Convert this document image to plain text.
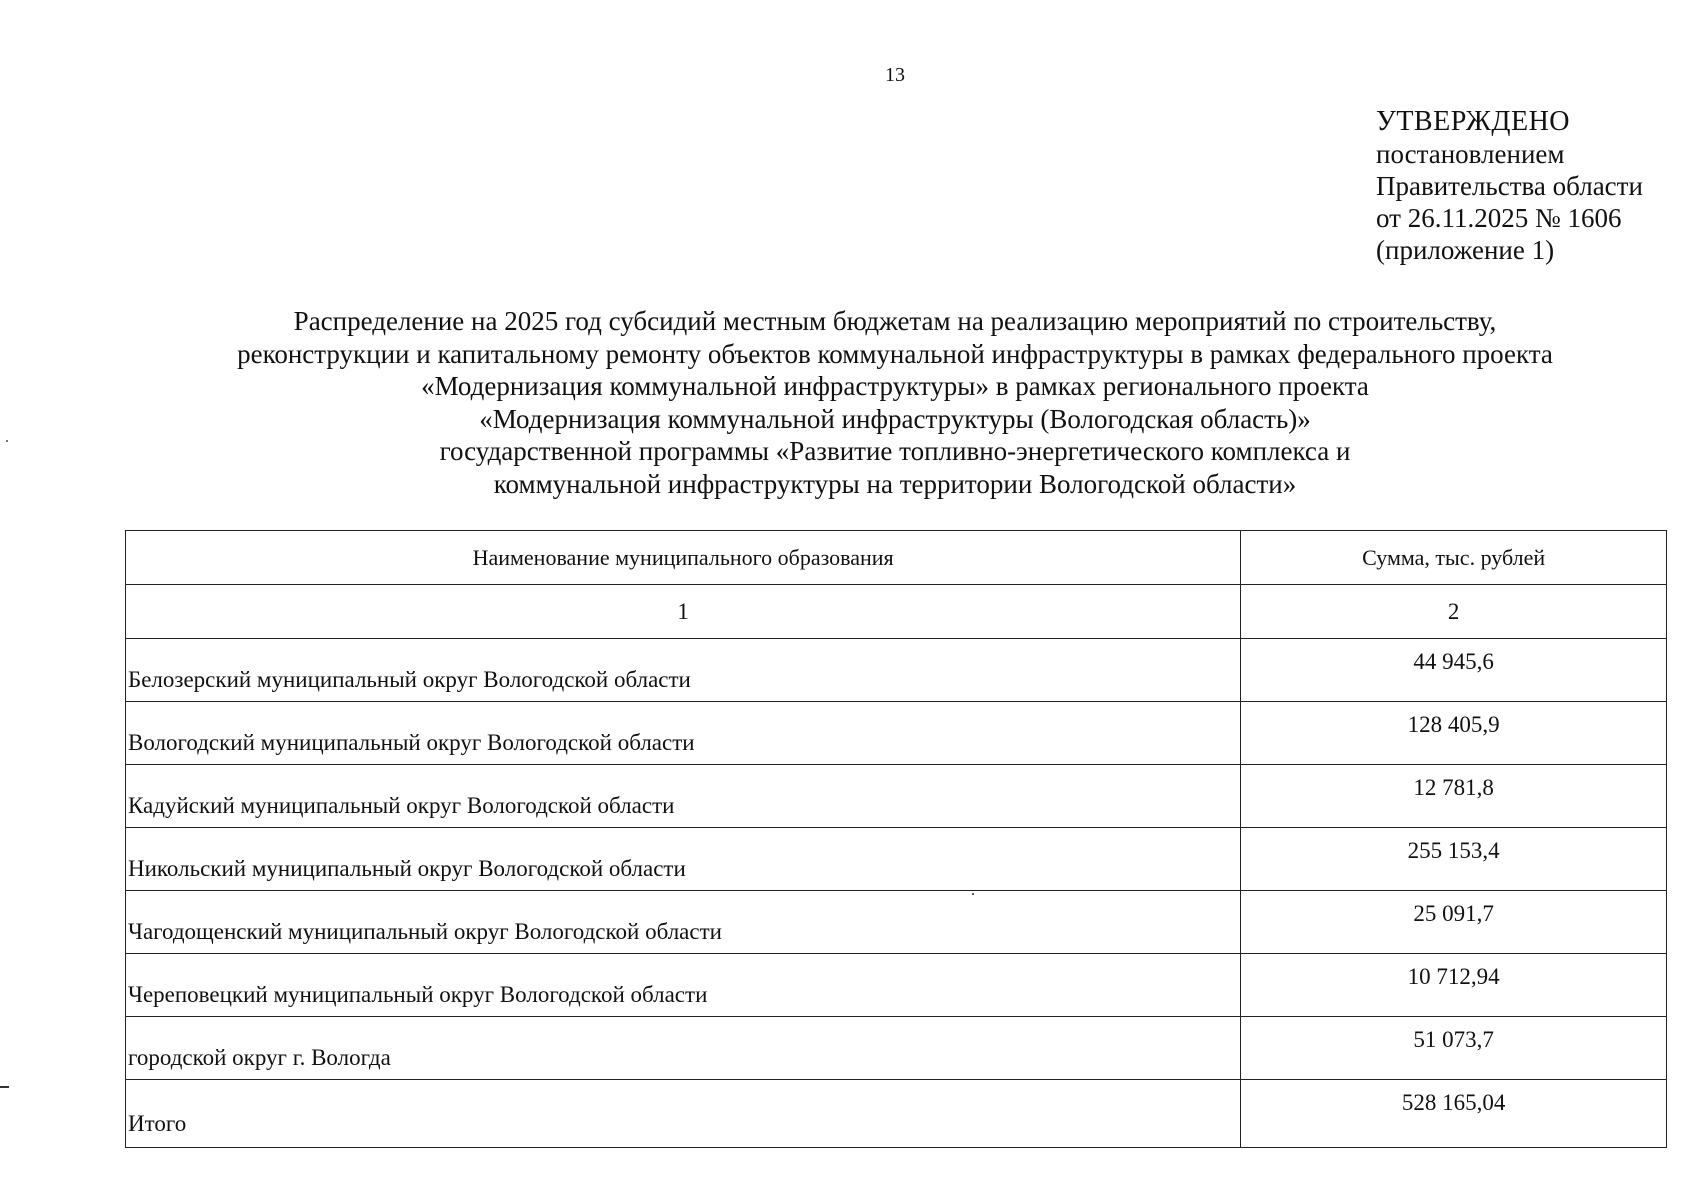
13
УТВЕРЖДЕНО
постановлением
Правительства области
от 26.11.2025 № 1606
(приложение 1)
Распределение на 2025 год субсидий местным бюджетам на реализацию мероприятий по строительству,
реконструкции и капитальному ремонту объектов коммунальной инфраструктуры в рамках федерального проекта
«Модернизация коммунальной инфраструктуры» в рамках регионального проекта
«Модернизация коммунальной инфраструктуры (Вологодская область)»
государственной программы «Развитие топливно-энергетического комплекса и
коммунальной инфраструктуры на территории Вологодской области»
Наименование муниципального образования	Сумма, тыс. рублей
1	2
Белозерский муниципальный округ Вологодской области	44 945,6
Вологодский муниципальный округ Вологодской области	128 405,9
Кадуйский муниципальный округ Вологодской области	12 781,8
Никольский муниципальный округ Вологодской области	255 153,4
Чагодощенский муниципальный округ Вологодской области	25 091,7
Череповецкий муниципальный округ Вологодской области	10 712,94
городской округ г. Вологда	51 073,7
Итого	528 165,04
